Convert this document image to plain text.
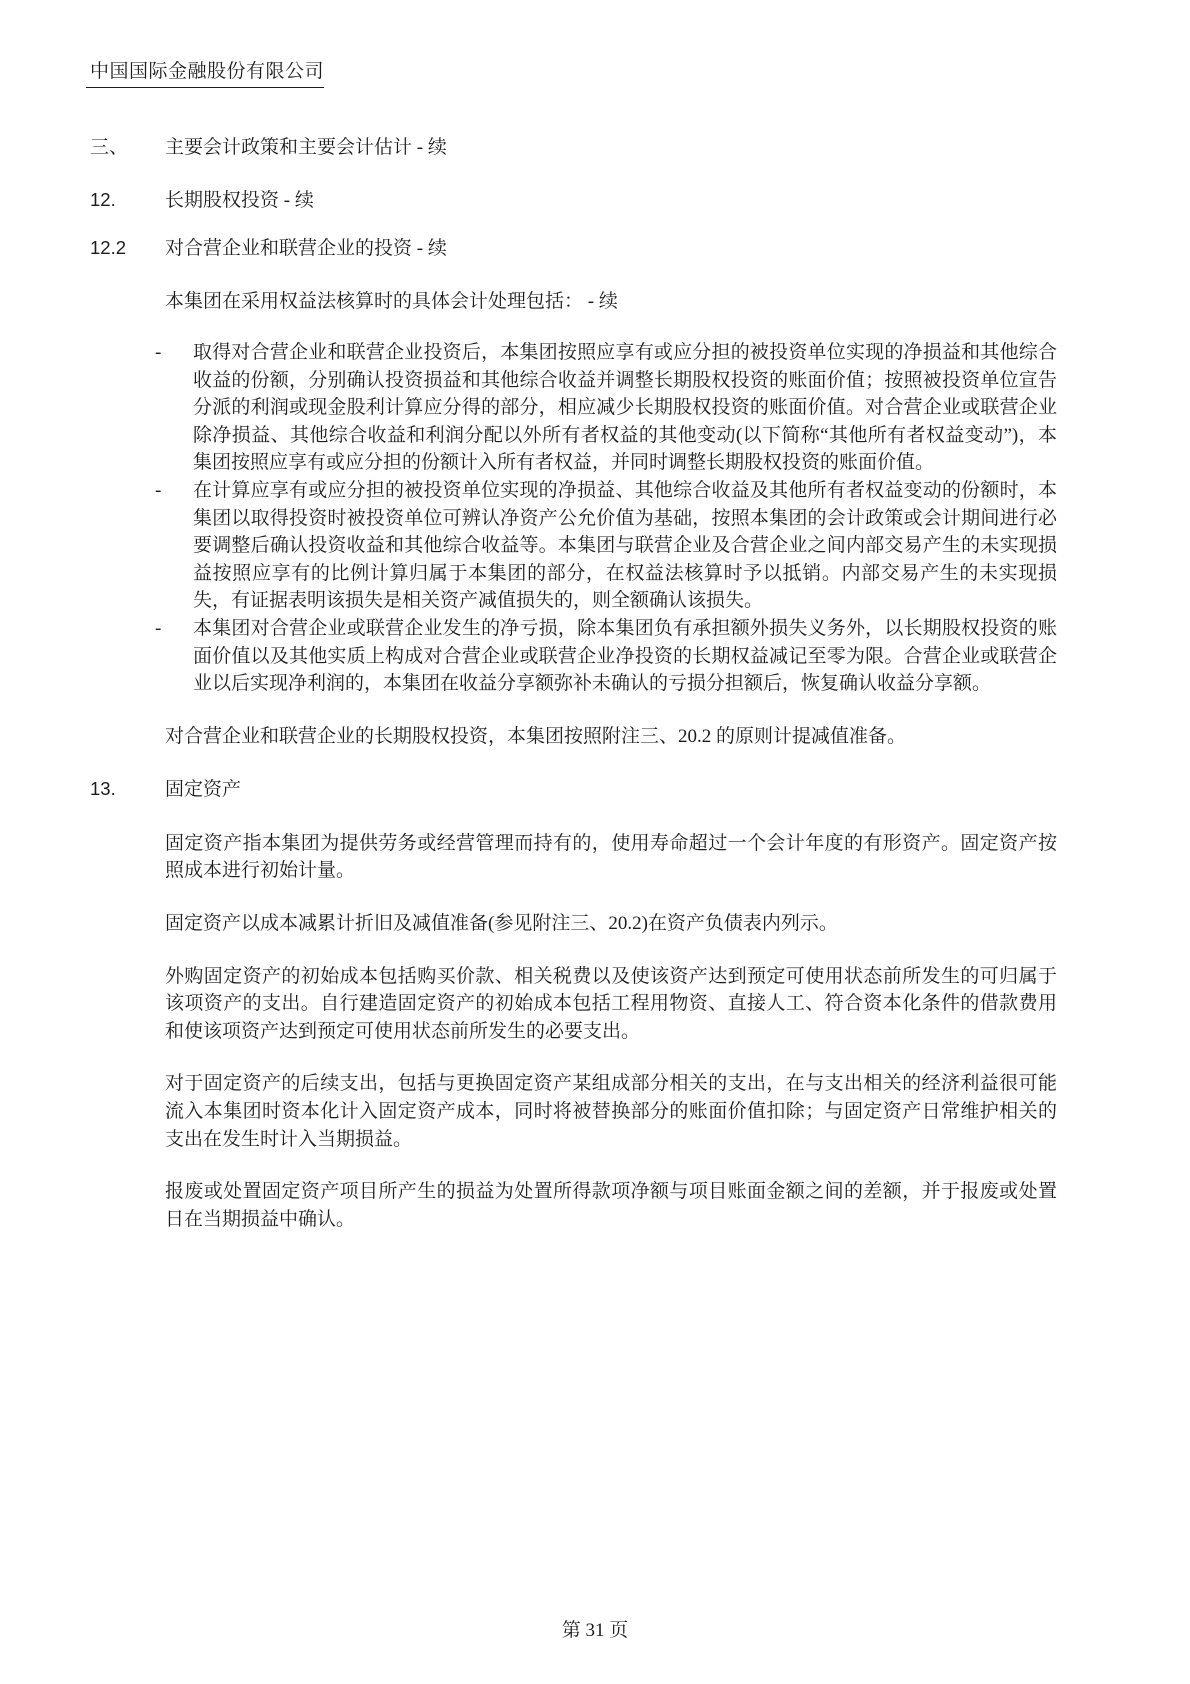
中国国际金融股份有限公司
三、	主要会计政策和主要会计估计 - 续
12.	长期股权投资 - 续
12.2	对合营企业和联营企业的投资 - 续

本集团在采用权益法核算时的具体会计处理包括： - 续

-	取得对合营企业和联营企业投资后，本集团按照应享有或应分担的被投资单位实现的净损益和其他综合收益的份额，分别确认投资损益和其他综合收益并调整长期股权投资的账面价值；按照被投资单位宣告分派的利润或现金股利计算应分得的部分，相应减少长期股权投资的账面价值。对合营企业或联营企业除净损益、其他综合收益和利润分配以外所有者权益的其他变动(以下简称“其他所有者权益变动”)，本集团按照应享有或应分担的份额计入所有者权益，并同时调整长期股权投资的账面价值。
-	在计算应享有或应分担的被投资单位实现的净损益、其他综合收益及其他所有者权益变动的份额时，本集团以取得投资时被投资单位可辨认净资产公允价值为基础，按照本集团的会计政策或会计期间进行必要调整后确认投资收益和其他综合收益等。本集团与联营企业及合营企业之间内部交易产生的未实现损益按照应享有的比例计算归属于本集团的部分，在权益法核算时予以抵销。内部交易产生的未实现损失，有证据表明该损失是相关资产减值损失的，则全额确认该损失。
-	本集团对合营企业或联营企业发生的净亏损，除本集团负有承担额外损失义务外，以长期股权投资的账面价值以及其他实质上构成对合营企业或联营企业净投资的长期权益减记至零为限。合营企业或联营企业以后实现净利润的，本集团在收益分享额弥补未确认的亏损分担额后，恢复确认收益分享额。

对合营企业和联营企业的长期股权投资，本集团按照附注三、20.2 的原则计提减值准备。

13.	固定资产

固定资产指本集团为提供劳务或经营管理而持有的，使用寿命超过一个会计年度的有形资产。固定资产按照成本进行初始计量。

固定资产以成本减累计折旧及减值准备(参见附注三、20.2)在资产负债表内列示。

外购固定资产的初始成本包括购买价款、相关税费以及使该资产达到预定可使用状态前所发生的可归属于该项资产的支出。自行建造固定资产的初始成本包括工程用物资、直接人工、符合资本化条件的借款费用和使该项资产达到预定可使用状态前所发生的必要支出。

对于固定资产的后续支出，包括与更换固定资产某组成部分相关的支出，在与支出相关的经济利益很可能流入本集团时资本化计入固定资产成本，同时将被替换部分的账面价值扣除；与固定资产日常维护相关的支出在发生时计入当期损益。

报废或处置固定资产项目所产生的损益为处置所得款项净额与项目账面金额之间的差额，并于报废或处置日在当期损益中确认。

第 31 页
